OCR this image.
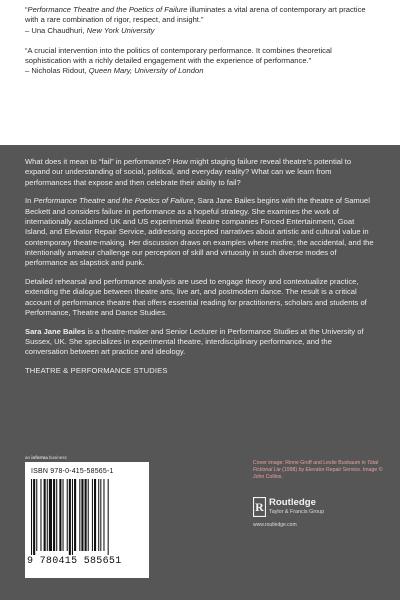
“Performance Theatre and the Poetics of Failure illuminates a vital arena of contemporary art practice with a rare combination of rigor, respect, and insight.”

– Una Chaudhuri, New York University

“A crucial intervention into the politics of contemporary performance. It combines theoretical sophistication with a richly detailed engagement with the experience of performance.”

– Nicholas Ridout, Queen Mary, University of London

What does it mean to “fail” in performance? How might staging failure reveal theatre’s potential to expand our understanding of social, political, and everyday reality? What can we learn from performances that expose and then celebrate their ability to fail?

In Performance Theatre and the Poetics of Failure, Sara Jane Bailes begins with the theatre of Samuel Beckett and considers failure in performance as a hopeful strategy. She examines the work of internationally acclaimed UK and US experimental theatre companies Forced Entertainment, Goat Island, and Elevator Repair Service, addressing accepted narratives about artistic and cultural value in contemporary theatre-making. Her discussion draws on examples where misfire, the accidental, and the intentionally amateur challenge our perception of skill and virtuosity in such diverse modes of performance as slapstick and punk.

Detailed rehearsal and performance analysis are used to engage theory and contextualize practice, extending the dialogue between theatre arts, live art, and postmodern dance. The result is a critical account of performance theatre that offers essential reading for practitioners, scholars and students of Performance, Theatre and Dance Studies.

Sara Jane Bailes is a theatre-maker and Senior Lecturer in Performance Studies at the University of Sussex, UK. She specializes in experimental theatre, interdisciplinary performance, and the conversation between art practice and ideology.

THEATRE & PERFORMANCE STUDIES

an informa business
ISBN 978-0-415-58565-1
9 780415 585651
Cover image: Rinne Groff and Leslie Buxbaum in Total Fictional Lie (1998) by Elevator Repair Service. Image © John Collins.
R Routledge
Taylor & Francis Group
www.routledge.com
